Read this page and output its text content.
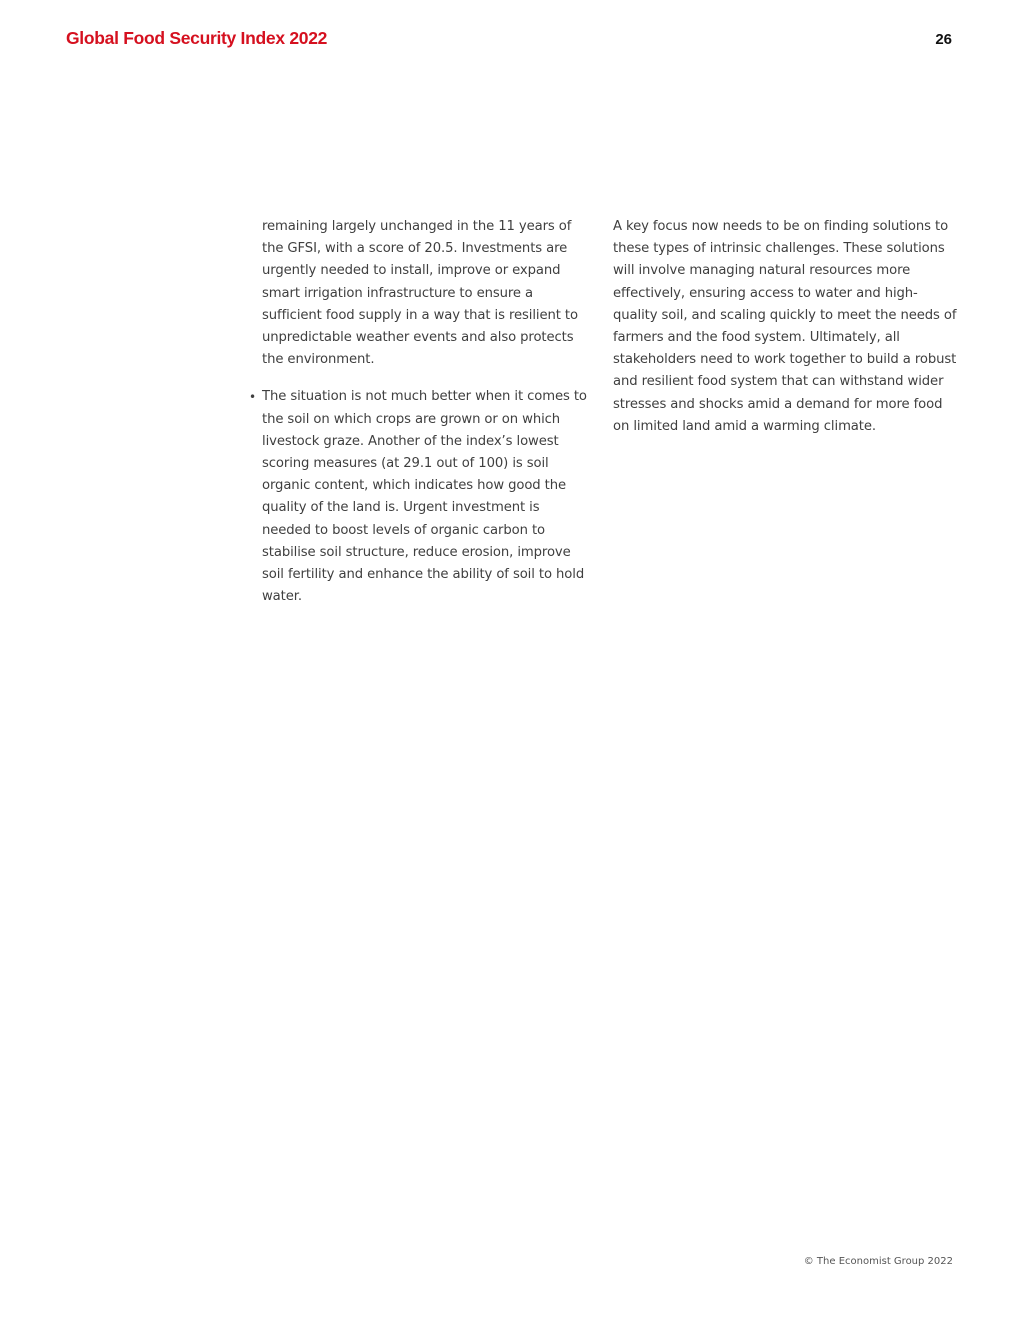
Global Food Security Index 2022	26

remaining largely unchanged in the 11 years of the GFSI, with a score of 20.5. Investments are urgently needed to install, improve or expand smart irrigation infrastructure to ensure a sufficient food supply in a way that is resilient to unpredictable weather events and also protects the environment.

• The situation is not much better when it comes to the soil on which crops are grown or on which livestock graze. Another of the index’s lowest scoring measures (at 29.1 out of 100) is soil organic content, which indicates how good the quality of the land is. Urgent investment is needed to boost levels of organic carbon to stabilise soil structure, reduce erosion, improve soil fertility and enhance the ability of soil to hold water.

A key focus now needs to be on finding solutions to these types of intrinsic challenges. These solutions will involve managing natural resources more effectively, ensuring access to water and high-quality soil, and scaling quickly to meet the needs of farmers and the food system. Ultimately, all stakeholders need to work together to build a robust and resilient food system that can withstand wider stresses and shocks amid a demand for more food on limited land amid a warming climate.

© The Economist Group 2022
